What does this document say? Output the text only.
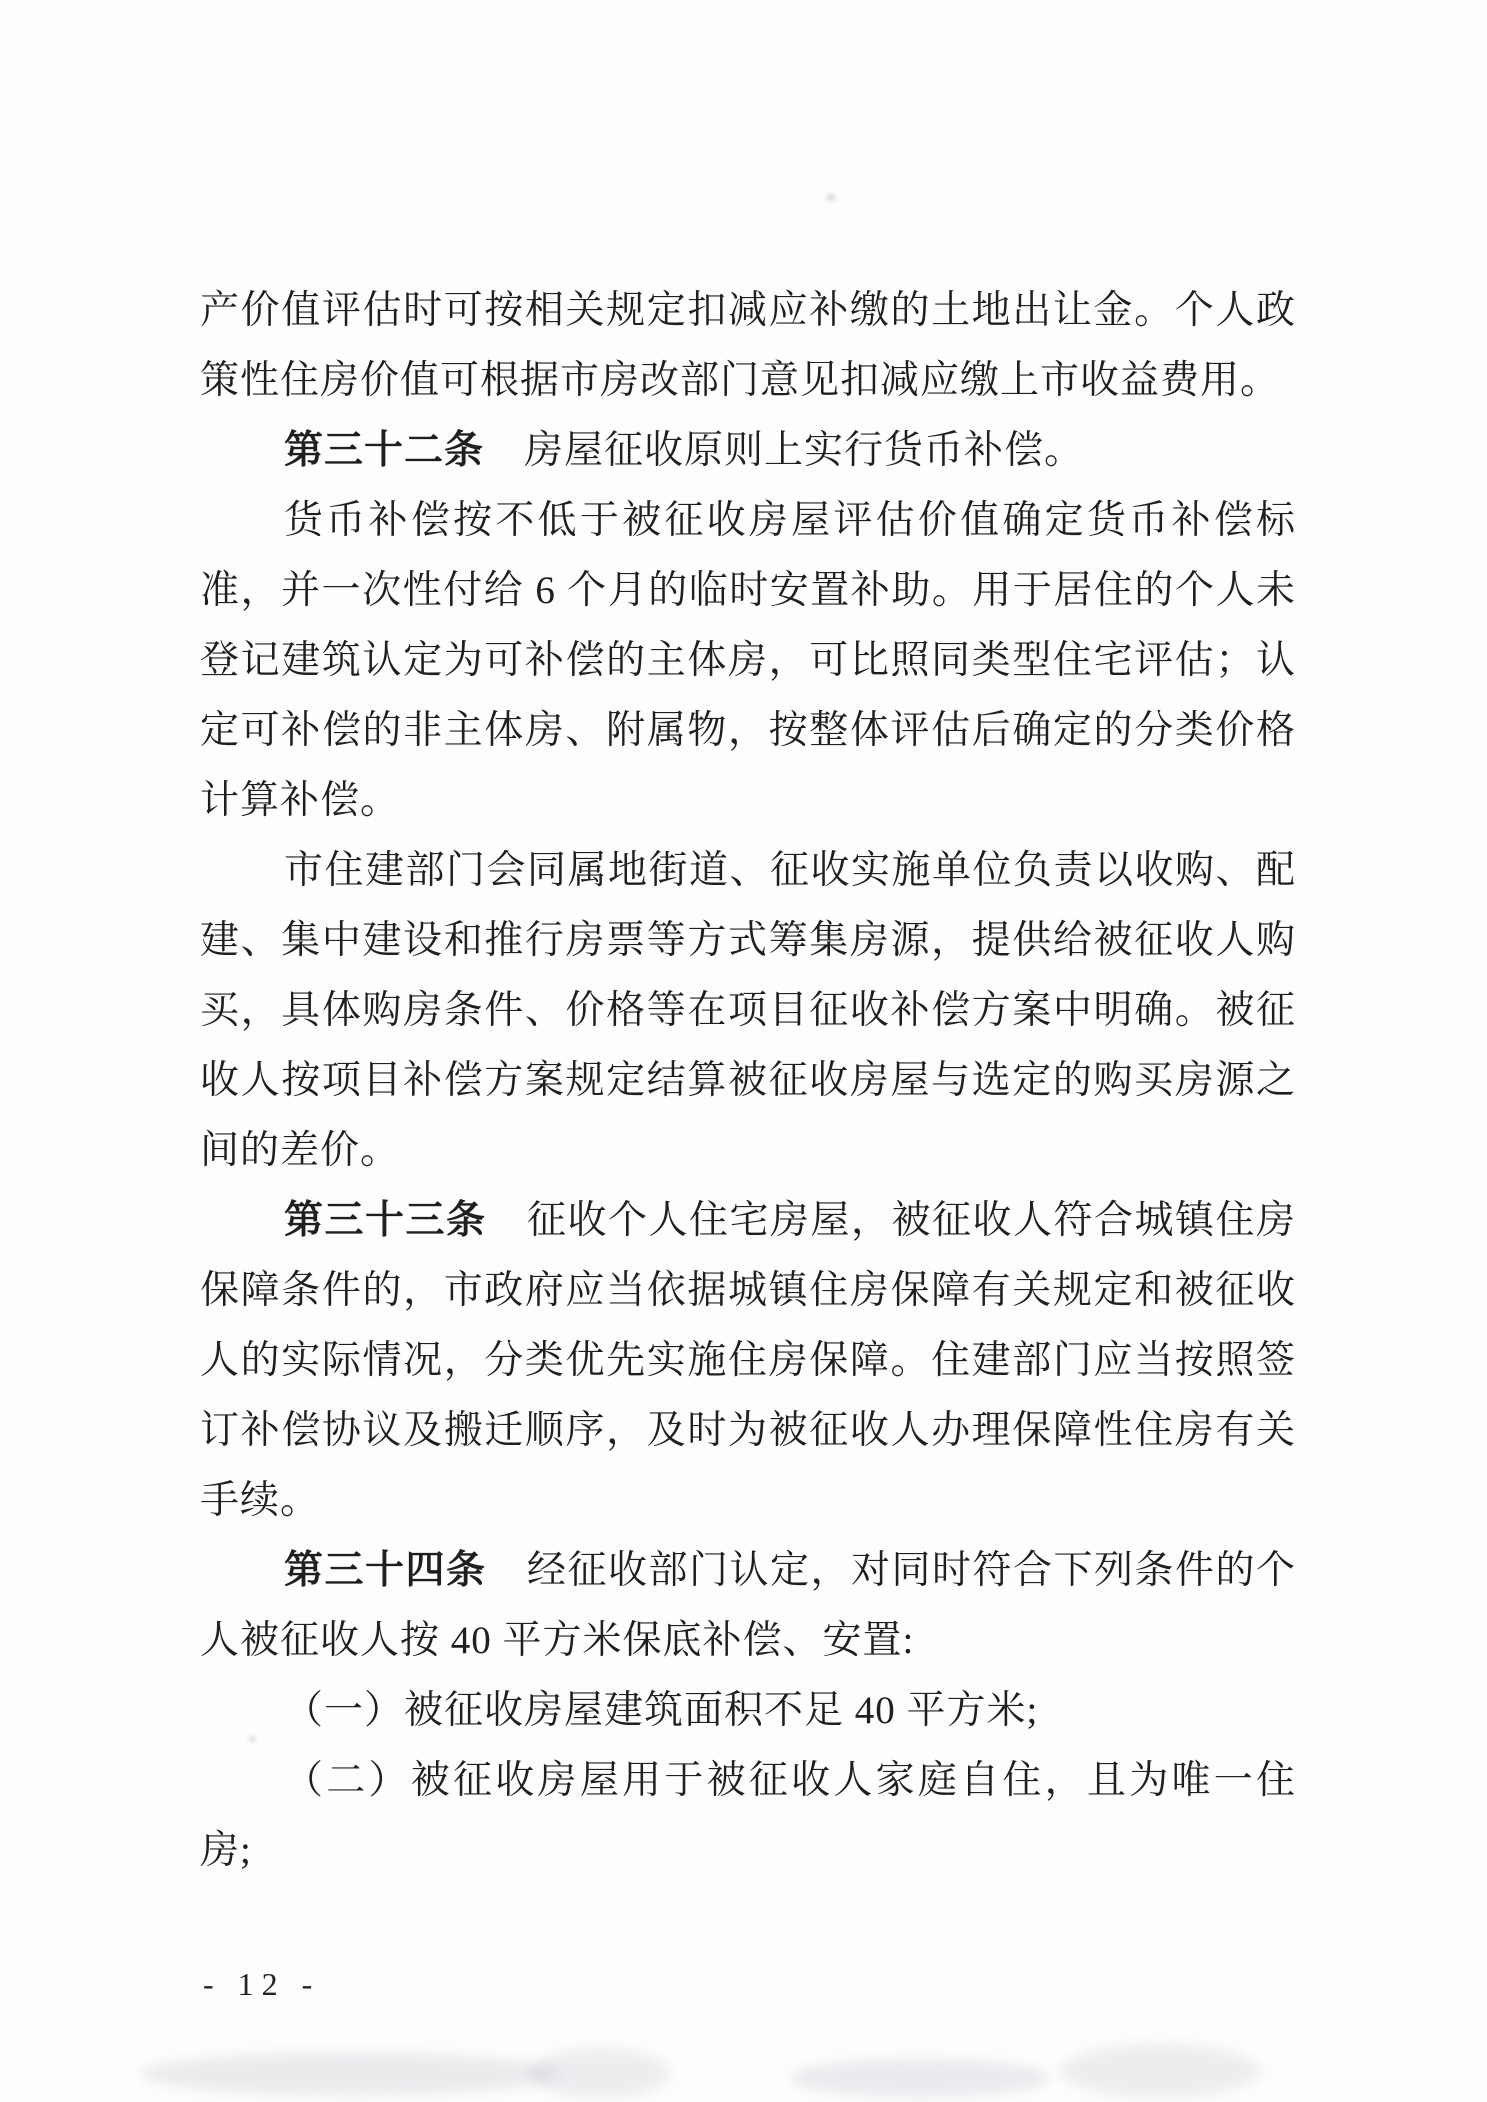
产价值评估时可按相关规定扣减应补缴的土地出让金。个人政
策性住房价值可根据市房改部门意见扣减应缴上市收益费用。
第三十二条　房屋征收原则上实行货币补偿。
货币补偿按不低于被征收房屋评估价值确定货币补偿标
准，并一次性付给 6 个月的临时安置补助。用于居住的个人未
登记建筑认定为可补偿的主体房，可比照同类型住宅评估；认
定可补偿的非主体房、附属物，按整体评估后确定的分类价格
计算补偿。
市住建部门会同属地街道、征收实施单位负责以收购、配
建、集中建设和推行房票等方式筹集房源，提供给被征收人购
买，具体购房条件、价格等在项目征收补偿方案中明确。被征
收人按项目补偿方案规定结算被征收房屋与选定的购买房源之
间的差价。
第三十三条　征收个人住宅房屋，被征收人符合城镇住房
保障条件的，市政府应当依据城镇住房保障有关规定和被征收
人的实际情况，分类优先实施住房保障。住建部门应当按照签
订补偿协议及搬迁顺序，及时为被征收人办理保障性住房有关
手续。
第三十四条　经征收部门认定，对同时符合下列条件的个
人被征收人按 40 平方米保底补偿、安置:
（一）被征收房屋建筑面积不足 40 平方米;
（二）被征收房屋用于被征收人家庭自住，且为唯一住
房;
- 12 -
